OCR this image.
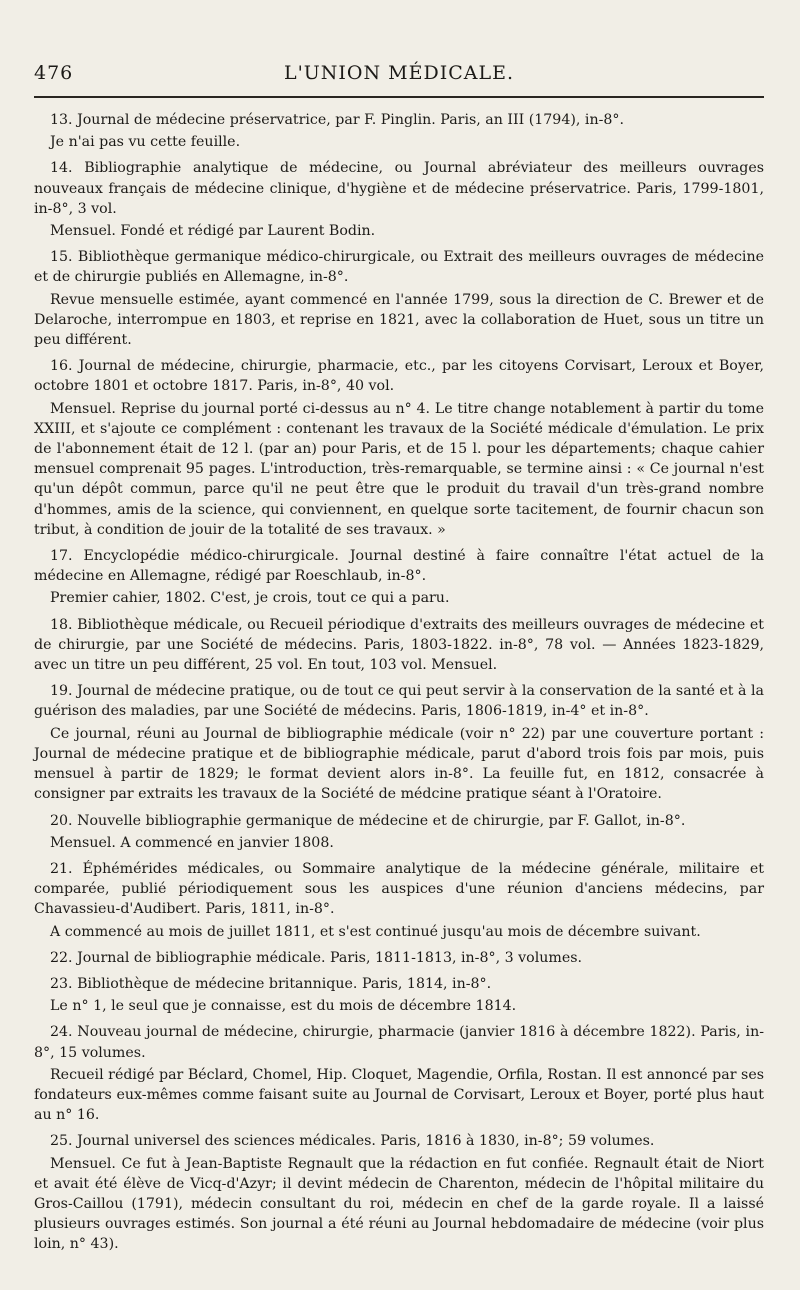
476	L'UNION MÉDICALE.

13. Journal de médecine préservatrice, par F. Pinglin. Paris, an III (1794), in-8°.

Je n'ai pas vu cette feuille.

14. Bibliographie analytique de médecine, ou Journal abréviateur des meilleurs ouvrages nouveaux français de médecine clinique, d'hygiène et de médecine préservatrice. Paris, 1799-1801, in-8°, 3 vol.

Mensuel. Fondé et rédigé par Laurent Bodin.

15. Bibliothèque germanique médico-chirurgicale, ou Extrait des meilleurs ouvrages de médecine et de chirurgie publiés en Allemagne, in-8°.

Revue mensuelle estimée, ayant commencé en l'année 1799, sous la direction de C. Brewer et de Delaroche, interrompue en 1803, et reprise en 1821, avec la collaboration de Huet, sous un titre un peu différent.

16. Journal de médecine, chirurgie, pharmacie, etc., par les citoyens Corvisart, Leroux et Boyer, octobre 1801 et octobre 1817. Paris, in-8°, 40 vol.

Mensuel. Reprise du journal porté ci-dessus au n° 4. Le titre change notablement à partir du tome XXIII, et s'ajoute ce complément : contenant les travaux de la Société médicale d'émulation. Le prix de l'abonnement était de 12 l. (par an) pour Paris, et de 15 l. pour les départements; chaque cahier mensuel comprenait 95 pages. L'introduction, très-remarquable, se termine ainsi : « Ce journal n'est qu'un dépôt commun, parce qu'il ne peut être que le produit du travail d'un très-grand nombre d'hommes, amis de la science, qui conviennent, en quelque sorte tacitement, de fournir chacun son tribut, à condition de jouir de la totalité de ses travaux. »

17. Encyclopédie médico-chirurgicale. Journal destiné à faire connaître l'état actuel de la médecine en Allemagne, rédigé par Roeschlaub, in-8°.

Premier cahier, 1802. C'est, je crois, tout ce qui a paru.

18. Bibliothèque médicale, ou Recueil périodique d'extraits des meilleurs ouvrages de médecine et de chirurgie, par une Société de médecins. Paris, 1803-1822. in-8°, 78 vol. — Années 1823-1829, avec un titre un peu différent, 25 vol. En tout, 103 vol. Mensuel.

19. Journal de médecine pratique, ou de tout ce qui peut servir à la conservation de la santé et à la guérison des maladies, par une Société de médecins. Paris, 1806-1819, in-4° et in-8°.

Ce journal, réuni au Journal de bibliographie médicale (voir n° 22) par une couverture portant : Journal de médecine pratique et de bibliographie médicale, parut d'abord trois fois par mois, puis mensuel à partir de 1829; le format devient alors in-8°. La feuille fut, en 1812, consacrée à consigner par extraits les travaux de la Société de médcine pratique séant à l'Oratoire.

20. Nouvelle bibliographie germanique de médecine et de chirurgie, par F. Gallot, in-8°.

Mensuel. A commencé en janvier 1808.

21. Éphémérides médicales, ou Sommaire analytique de la médecine générale, militaire et comparée, publié périodiquement sous les auspices d'une réunion d'anciens médecins, par Chavassieu-d'Audibert. Paris, 1811, in-8°.

A commencé au mois de juillet 1811, et s'est continué jusqu'au mois de décembre suivant.

22. Journal de bibliographie médicale. Paris, 1811-1813, in-8°, 3 volumes.

23. Bibliothèque de médecine britannique. Paris, 1814, in-8°.

Le n° 1, le seul que je connaisse, est du mois de décembre 1814.

24. Nouveau journal de médecine, chirurgie, pharmacie (janvier 1816 à décembre 1822). Paris, in-8°, 15 volumes.

Recueil rédigé par Béclard, Chomel, Hip. Cloquet, Magendie, Orfila, Rostan. Il est annoncé par ses fondateurs eux-mêmes comme faisant suite au Journal de Corvisart, Leroux et Boyer, porté plus haut au n° 16.

25. Journal universel des sciences médicales. Paris, 1816 à 1830, in-8°; 59 volumes.

Mensuel. Ce fut à Jean-Baptiste Regnault que la rédaction en fut confiée. Regnault était de Niort et avait été élève de Vicq-d'Azyr; il devint médecin de Charenton, médecin de l'hôpital militaire du Gros-Caillou (1791), médecin consultant du roi, médecin en chef de la garde royale. Il a laissé plusieurs ouvrages estimés. Son journal a été réuni au Journal hebdomadaire de médecine (voir plus loin, n° 43).
